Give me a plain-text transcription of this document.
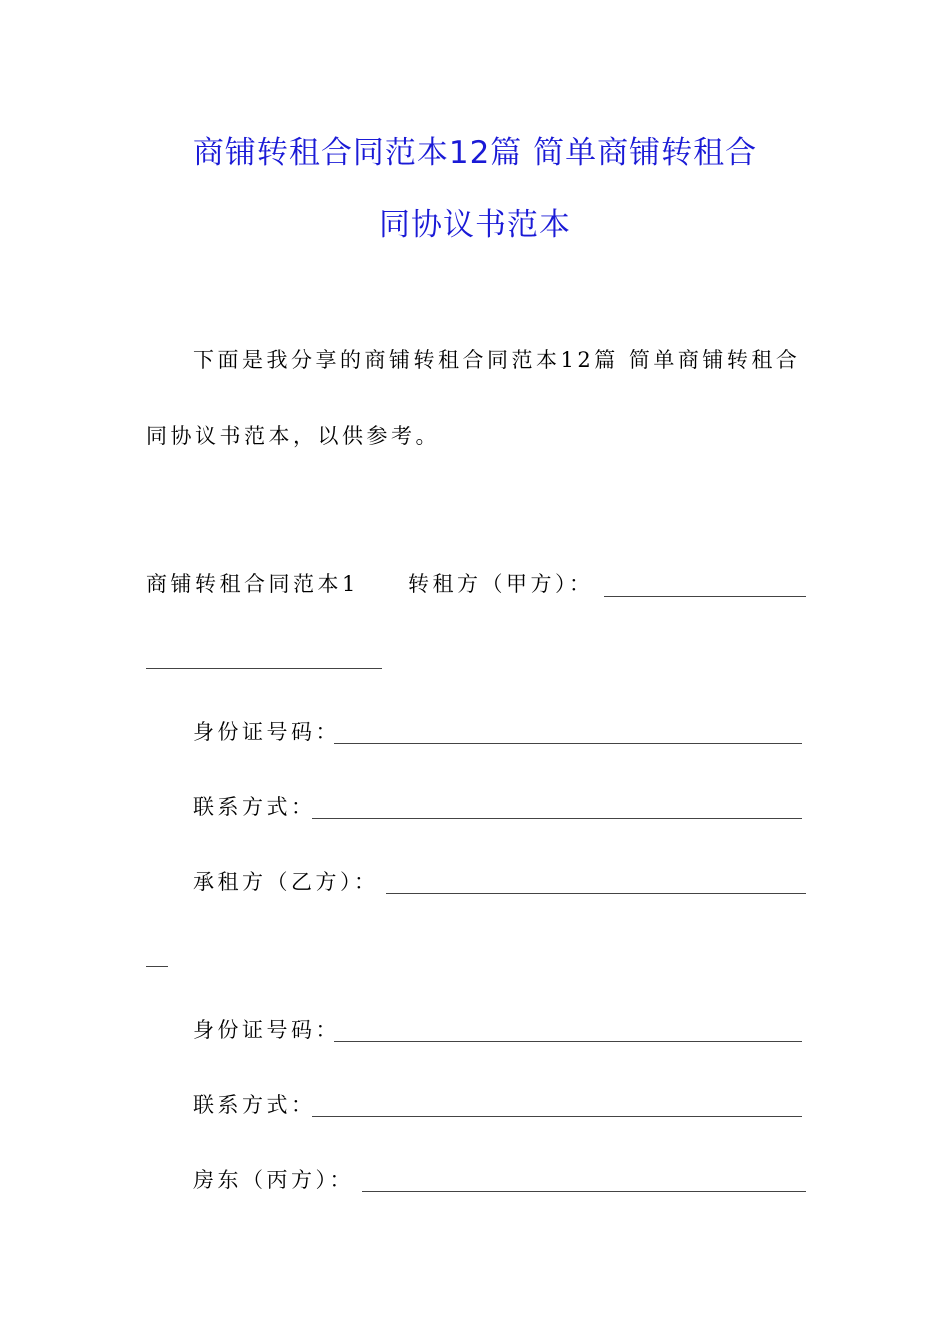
商铺转租合同范本12篇 简单商铺转租合
同协议书范本
下面是我分享的商铺转租合同范本12篇 简单商铺转租合
同协议书范本，以供参考。
商铺转租合同范本1 转租方（甲方）：
身份证号码：
联系方式：
承租方（乙方）：
身份证号码：
联系方式：
房东（丙方）：
